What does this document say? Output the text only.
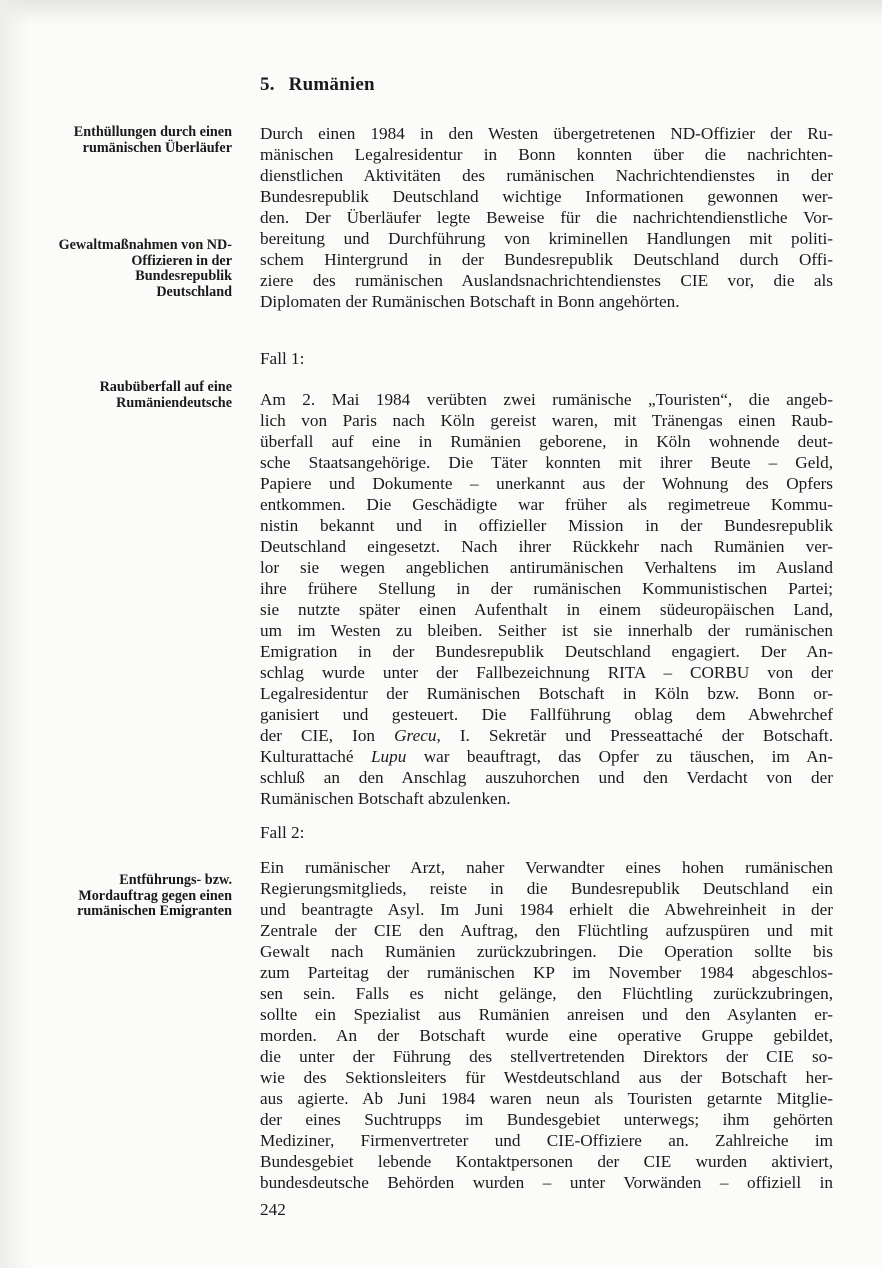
5. Rumänien
Enthüllungen durch einen rumänischen Überläufer
Gewaltmaßnahmen von ND-Offizieren in der Bundesrepublik Deutschland
Raubüberfall auf eine Rumäniendeutsche
Entführungs- bzw. Mordauftrag gegen einen rumänischen Emigranten
Durch einen 1984 in den Westen übergetretenen ND-Offizier der Ru-
mänischen Legalresidentur in Bonn konnten über die nachrichten-
dienstlichen Aktivitäten des rumänischen Nachrichtendienstes in der
Bundesrepublik Deutschland wichtige Informationen gewonnen wer-
den. Der Überläufer legte Beweise für die nachrichtendienstliche Vor-
bereitung und Durchführung von kriminellen Handlungen mit politi-
schem Hintergrund in der Bundesrepublik Deutschland durch Offi-
ziere des rumänischen Auslandsnachrichtendienstes CIE vor, die als
Diplomaten der Rumänischen Botschaft in Bonn angehörten.
Fall 1:
Am 2. Mai 1984 verübten zwei rumänische „Touristen“, die angeb-
lich von Paris nach Köln gereist waren, mit Tränengas einen Raub-
überfall auf eine in Rumänien geborene, in Köln wohnende deut-
sche Staatsangehörige. Die Täter konnten mit ihrer Beute – Geld,
Papiere und Dokumente – unerkannt aus der Wohnung des Opfers
entkommen. Die Geschädigte war früher als regimetreue Kommu-
nistin bekannt und in offizieller Mission in der Bundesrepublik
Deutschland eingesetzt. Nach ihrer Rückkehr nach Rumänien ver-
lor sie wegen angeblichen antirumänischen Verhaltens im Ausland
ihre frühere Stellung in der rumänischen Kommunistischen Partei;
sie nutzte später einen Aufenthalt in einem südeuropäischen Land,
um im Westen zu bleiben. Seither ist sie innerhalb der rumänischen
Emigration in der Bundesrepublik Deutschland engagiert. Der An-
schlag wurde unter der Fallbezeichnung RITA – CORBU von der
Legalresidentur der Rumänischen Botschaft in Köln bzw. Bonn or-
ganisiert und gesteuert. Die Fallführung oblag dem Abwehrchef
der CIE, Ion Grecu, I. Sekretär und Presseattaché der Botschaft.
Kulturattaché Lupu war beauftragt, das Opfer zu täuschen, im An-
schluß an den Anschlag auszuhorchen und den Verdacht von der
Rumänischen Botschaft abzulenken.
Fall 2:
Ein rumänischer Arzt, naher Verwandter eines hohen rumänischen
Regierungsmitglieds, reiste in die Bundesrepublik Deutschland ein
und beantragte Asyl. Im Juni 1984 erhielt die Abwehreinheit in der
Zentrale der CIE den Auftrag, den Flüchtling aufzuspüren und mit
Gewalt nach Rumänien zurückzubringen. Die Operation sollte bis
zum Parteitag der rumänischen KP im November 1984 abgeschlos-
sen sein. Falls es nicht gelänge, den Flüchtling zurückzubringen,
sollte ein Spezialist aus Rumänien anreisen und den Asylanten er-
morden. An der Botschaft wurde eine operative Gruppe gebildet,
die unter der Führung des stellvertretenden Direktors der CIE so-
wie des Sektionsleiters für Westdeutschland aus der Botschaft her-
aus agierte. Ab Juni 1984 waren neun als Touristen getarnte Mitglie-
der eines Suchtrupps im Bundesgebiet unterwegs; ihm gehörten
Mediziner, Firmenvertreter und CIE-Offiziere an. Zahlreiche im
Bundesgebiet lebende Kontaktpersonen der CIE wurden aktiviert,
bundesdeutsche Behörden wurden – unter Vorwänden – offiziell in
242
